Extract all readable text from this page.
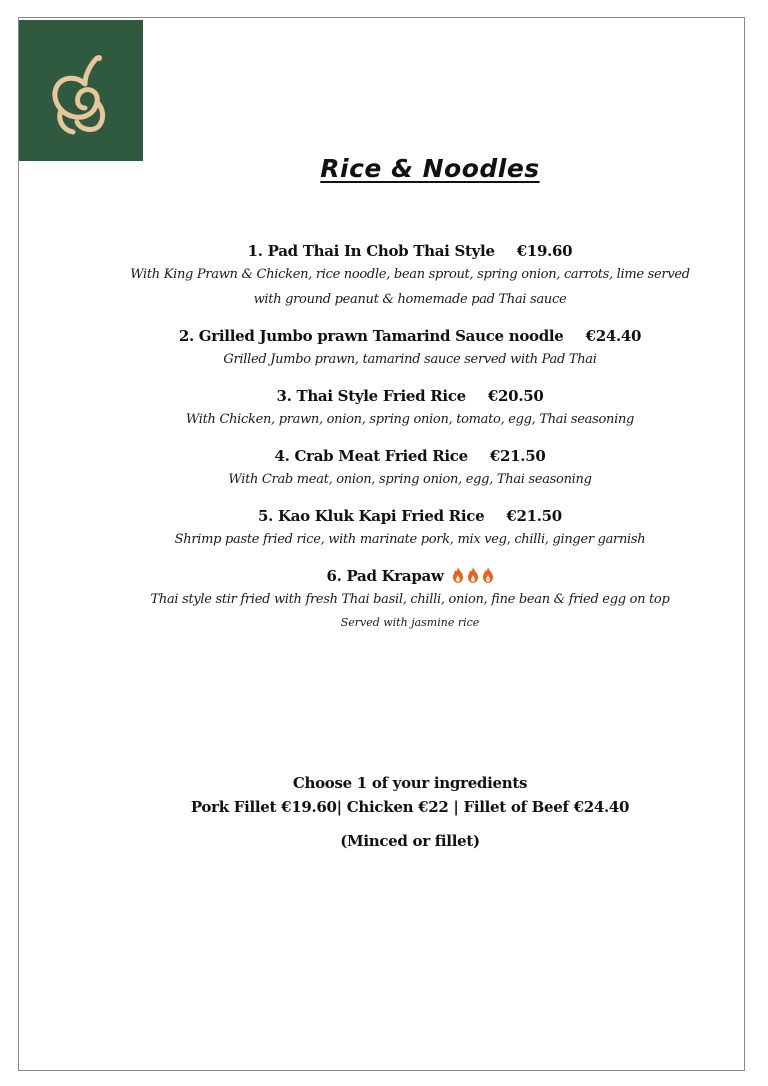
Rice & Noodles
1. Pad Thai In Chob Thai Style €19.60
With King Prawn & Chicken, rice noodle, bean sprout, spring onion, carrots, lime served
with ground peanut & homemade pad Thai sauce
2. Grilled Jumbo prawn Tamarind Sauce noodle €24.40
Grilled Jumbo prawn, tamarind sauce served with Pad Thai
3. Thai Style Fried Rice €20.50
With Chicken, prawn, onion, spring onion, tomato, egg, Thai seasoning
4. Crab Meat Fried Rice €21.50
With Crab meat, onion, spring onion, egg, Thai seasoning
5. Kao Kluk Kapi Fried Rice €21.50
Shrimp paste fried rice, with marinate pork, mix veg, chilli, ginger garnish
6. Pad Krapaw
Thai style stir fried with fresh Thai basil, chilli, onion, fine bean & fried egg on top
Served with jasmine rice
Choose 1 of your ingredients
Pork Fillet €19.60| Chicken €22 | Fillet of Beef €24.40
(Minced or fillet)
